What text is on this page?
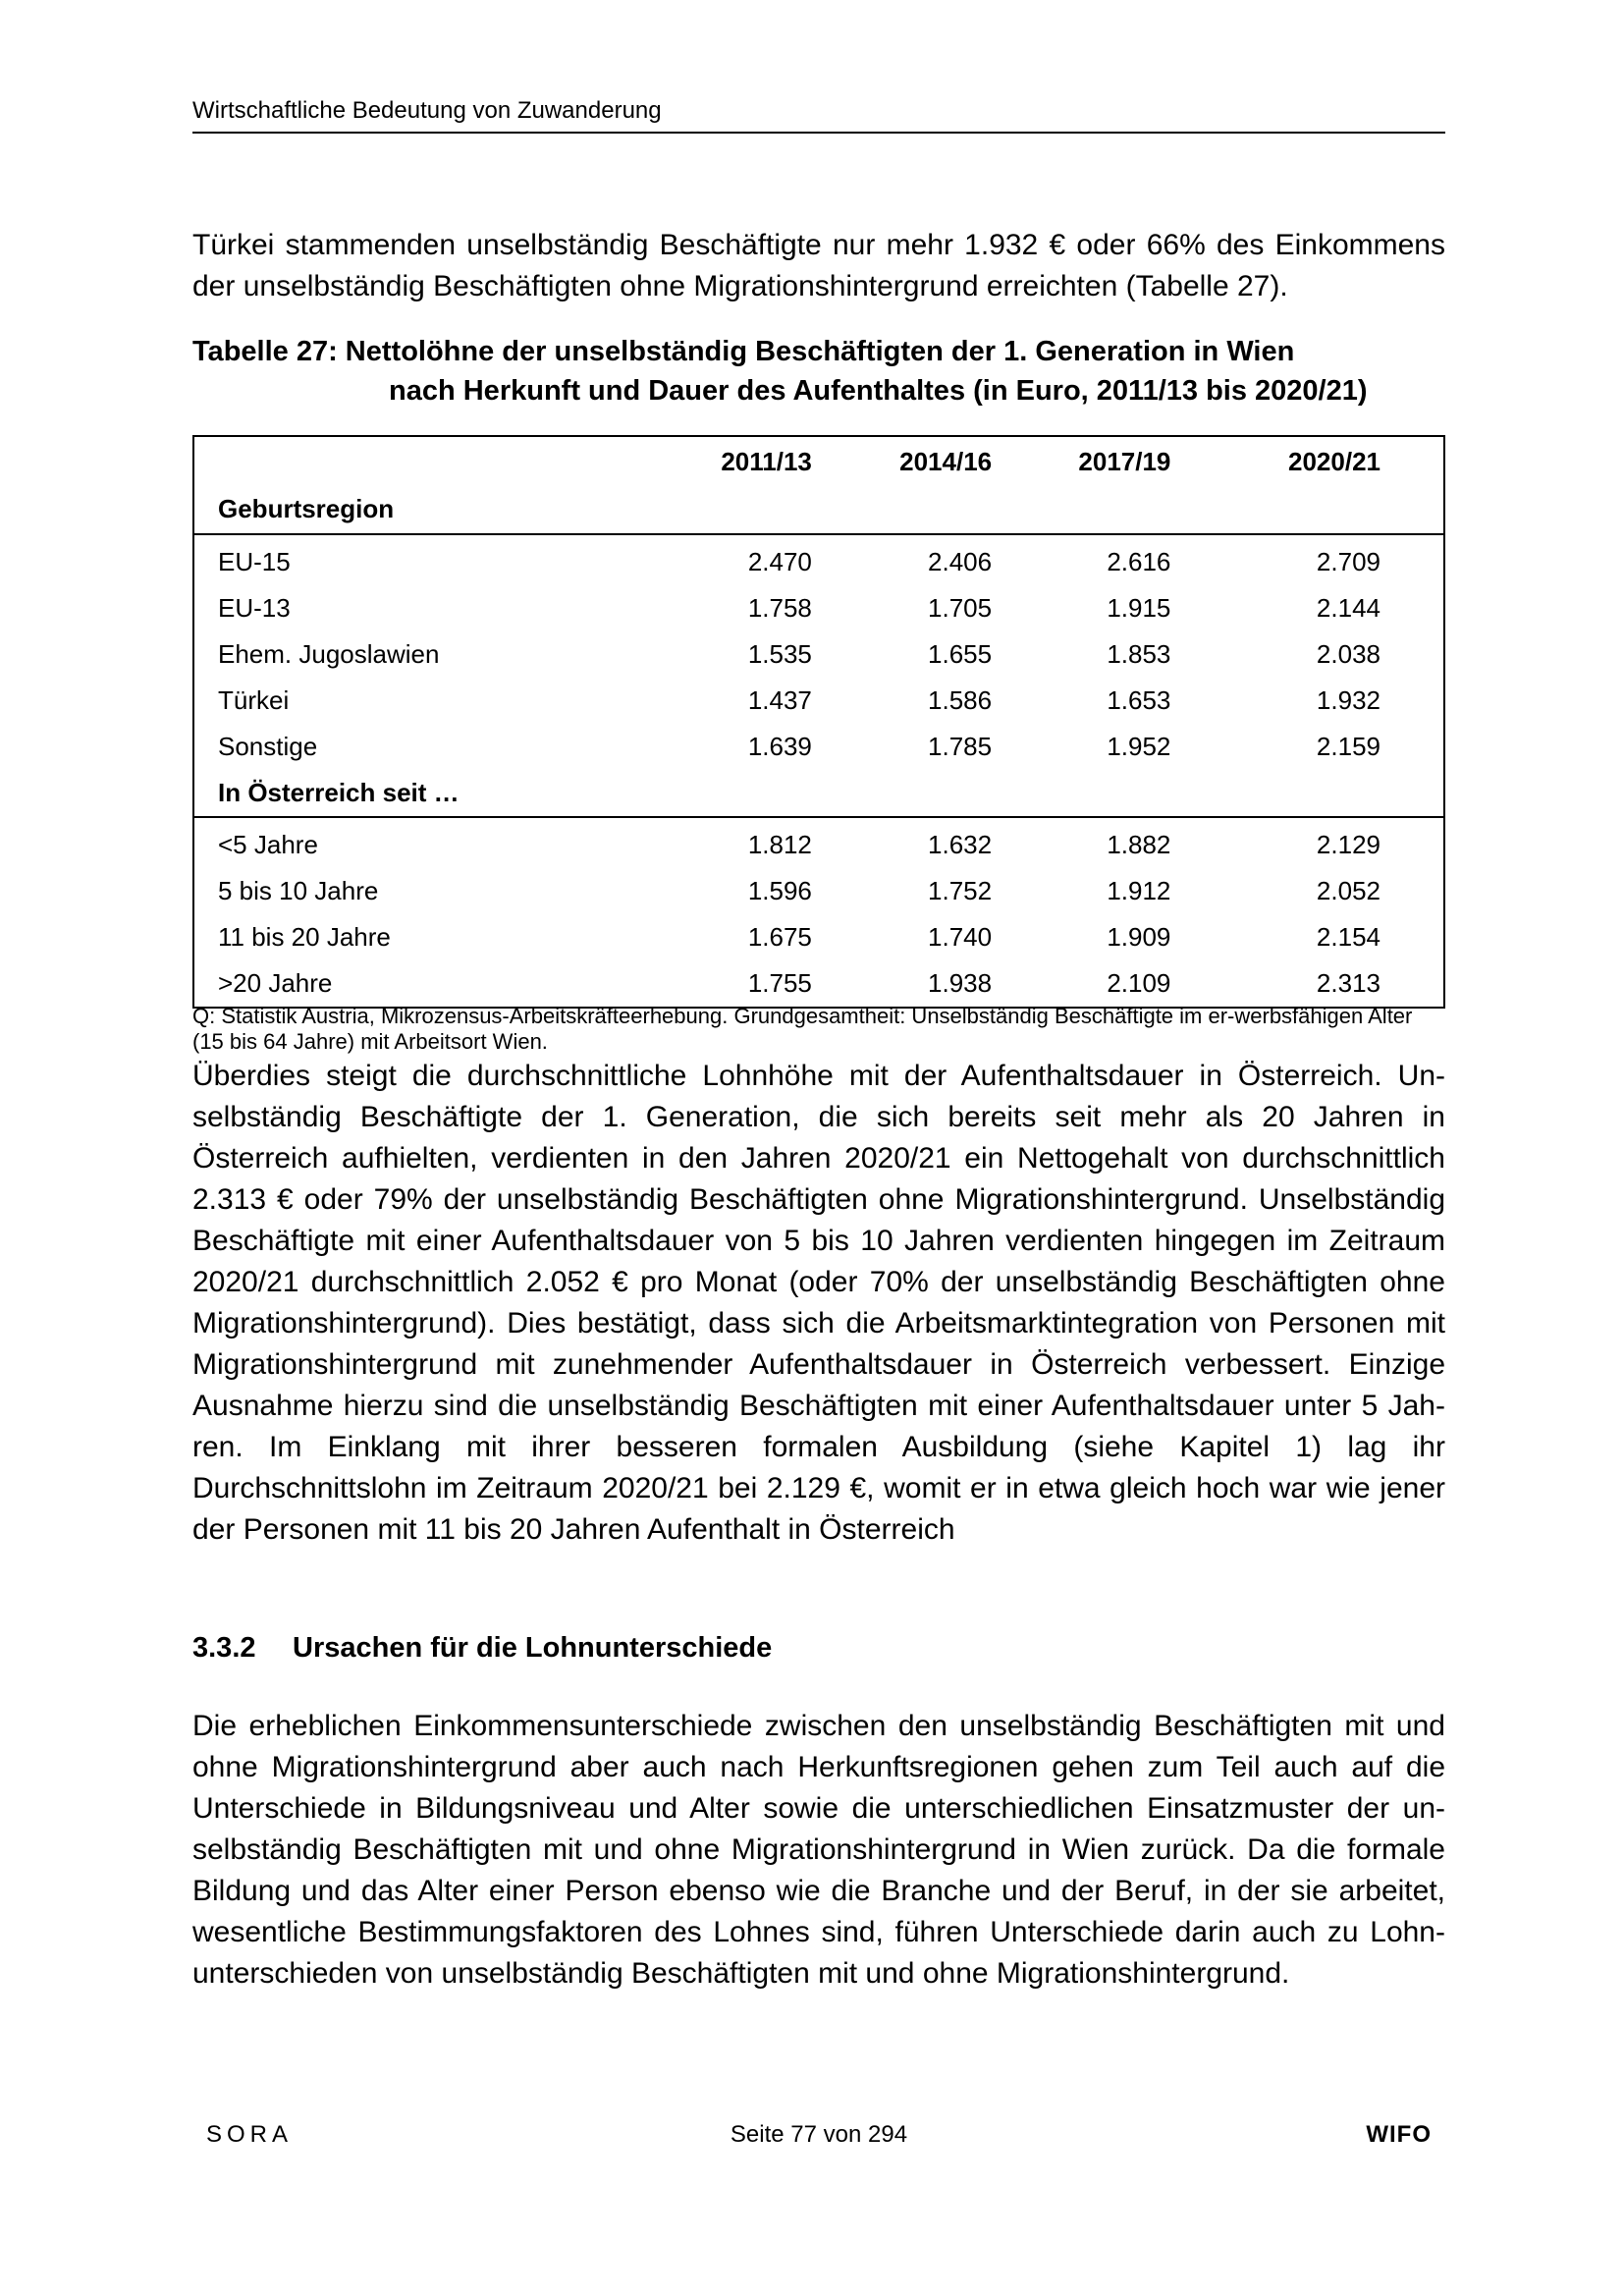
Wirtschaftliche Bedeutung von Zuwanderung

Türkei stammenden unselbständig Beschäftigte nur mehr 1.932 € oder 66% des Einkommens der unselbständig Beschäftigten ohne Migrationshintergrund erreichten (Tabelle 27).

Tabelle 27: Nettolöhne der unselbständig Beschäftigten der 1. Generation in Wien
nach Herkunft und Dauer des Aufenthaltes (in Euro, 2011/13 bis 2020/21)
	2011/13	2014/16	2017/19	2020/21
Geburtsregion				
EU-15	2.470	2.406	2.616	2.709
EU-13	1.758	1.705	1.915	2.144
Ehem. Jugoslawien	1.535	1.655	1.853	2.038
Türkei	1.437	1.586	1.653	1.932
Sonstige	1.639	1.785	1.952	2.159
In Österreich seit …				
<5 Jahre	1.812	1.632	1.882	2.129
5 bis 10 Jahre	1.596	1.752	1.912	2.052
11 bis 20 Jahre	1.675	1.740	1.909	2.154
>20 Jahre	1.755	1.938	2.109	2.313
Q: Statistik Austria, Mikrozensus-Arbeitskräfteerhebung. Grundgesamtheit: Unselbständig Beschäftigte im er-werbsfähigen Alter (15 bis 64 Jahre) mit Arbeitsort Wien.

Überdies steigt die durchschnittliche Lohnhöhe mit der Aufenthaltsdauer in Österreich. Un-selbständig Beschäftigte der 1. Generation, die sich bereits seit mehr als 20 Jahren in Österreich aufhielten, verdienten in den Jahren 2020/21 ein Nettogehalt von durchschnittlich 2.313 € oder 79% der unselbständig Beschäftigten ohne Migrationshintergrund. Unselbständig Beschäftigte mit einer Aufenthaltsdauer von 5 bis 10 Jahren verdienten hingegen im Zeitraum 2020/21 durchschnittlich 2.052 € pro Monat (oder 70% der unselbständig Beschäftigten ohne Migrationshintergrund). Dies bestätigt, dass sich die Arbeitsmarktintegration von Personen mit Migrationshintergrund mit zunehmender Aufenthaltsdauer in Österreich verbessert. Einzige Ausnahme hierzu sind die unselbständig Beschäftigten mit einer Aufenthaltsdauer unter 5 Jah-ren. Im Einklang mit ihrer besseren formalen Ausbildung (siehe Kapitel 1) lag ihr Durchschnittslohn im Zeitraum 2020/21 bei 2.129 €, womit er in etwa gleich hoch war wie jener der Personen mit 11 bis 20 Jahren Aufenthalt in Österreich

3.3.2 Ursachen für die Lohnunterschiede

Die erheblichen Einkommensunterschiede zwischen den unselbständig Beschäftigten mit und ohne Migrationshintergrund aber auch nach Herkunftsregionen gehen zum Teil auch auf die Unterschiede in Bildungsniveau und Alter sowie die unterschiedlichen Einsatzmuster der un-selbständig Beschäftigten mit und ohne Migrationshintergrund in Wien zurück. Da die formale Bildung und das Alter einer Person ebenso wie die Branche und der Beruf, in der sie arbeitet, wesentliche Bestimmungsfaktoren des Lohnes sind, führen Unterschiede darin auch zu Lohn-unterschieden von unselbständig Beschäftigten mit und ohne Migrationshintergrund.

SORA	Seite 77 von 294	WIFO
